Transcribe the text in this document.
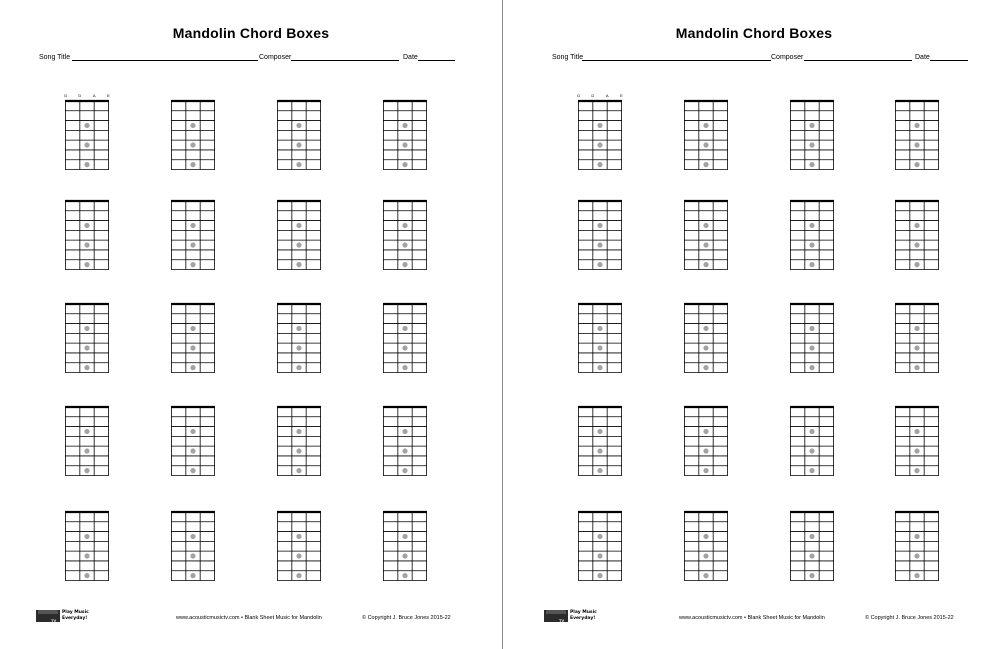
Mandolin Chord Boxes
Song Title	Composer	Date
G	D	A	E
TV
Play Music
Everyday!	www.acousticmusictv.com • Blank Sheet Music for Mandolin	© Copyright J. Bruce Jones 2015-22
Mandolin Chord Boxes
Song Title	Composer	Date
G	D	A	E
TV
Play Music
Everyday!	www.acousticmusictv.com • Blank Sheet Music for Mandolin	© Copyright J. Bruce Jones 2015-22
